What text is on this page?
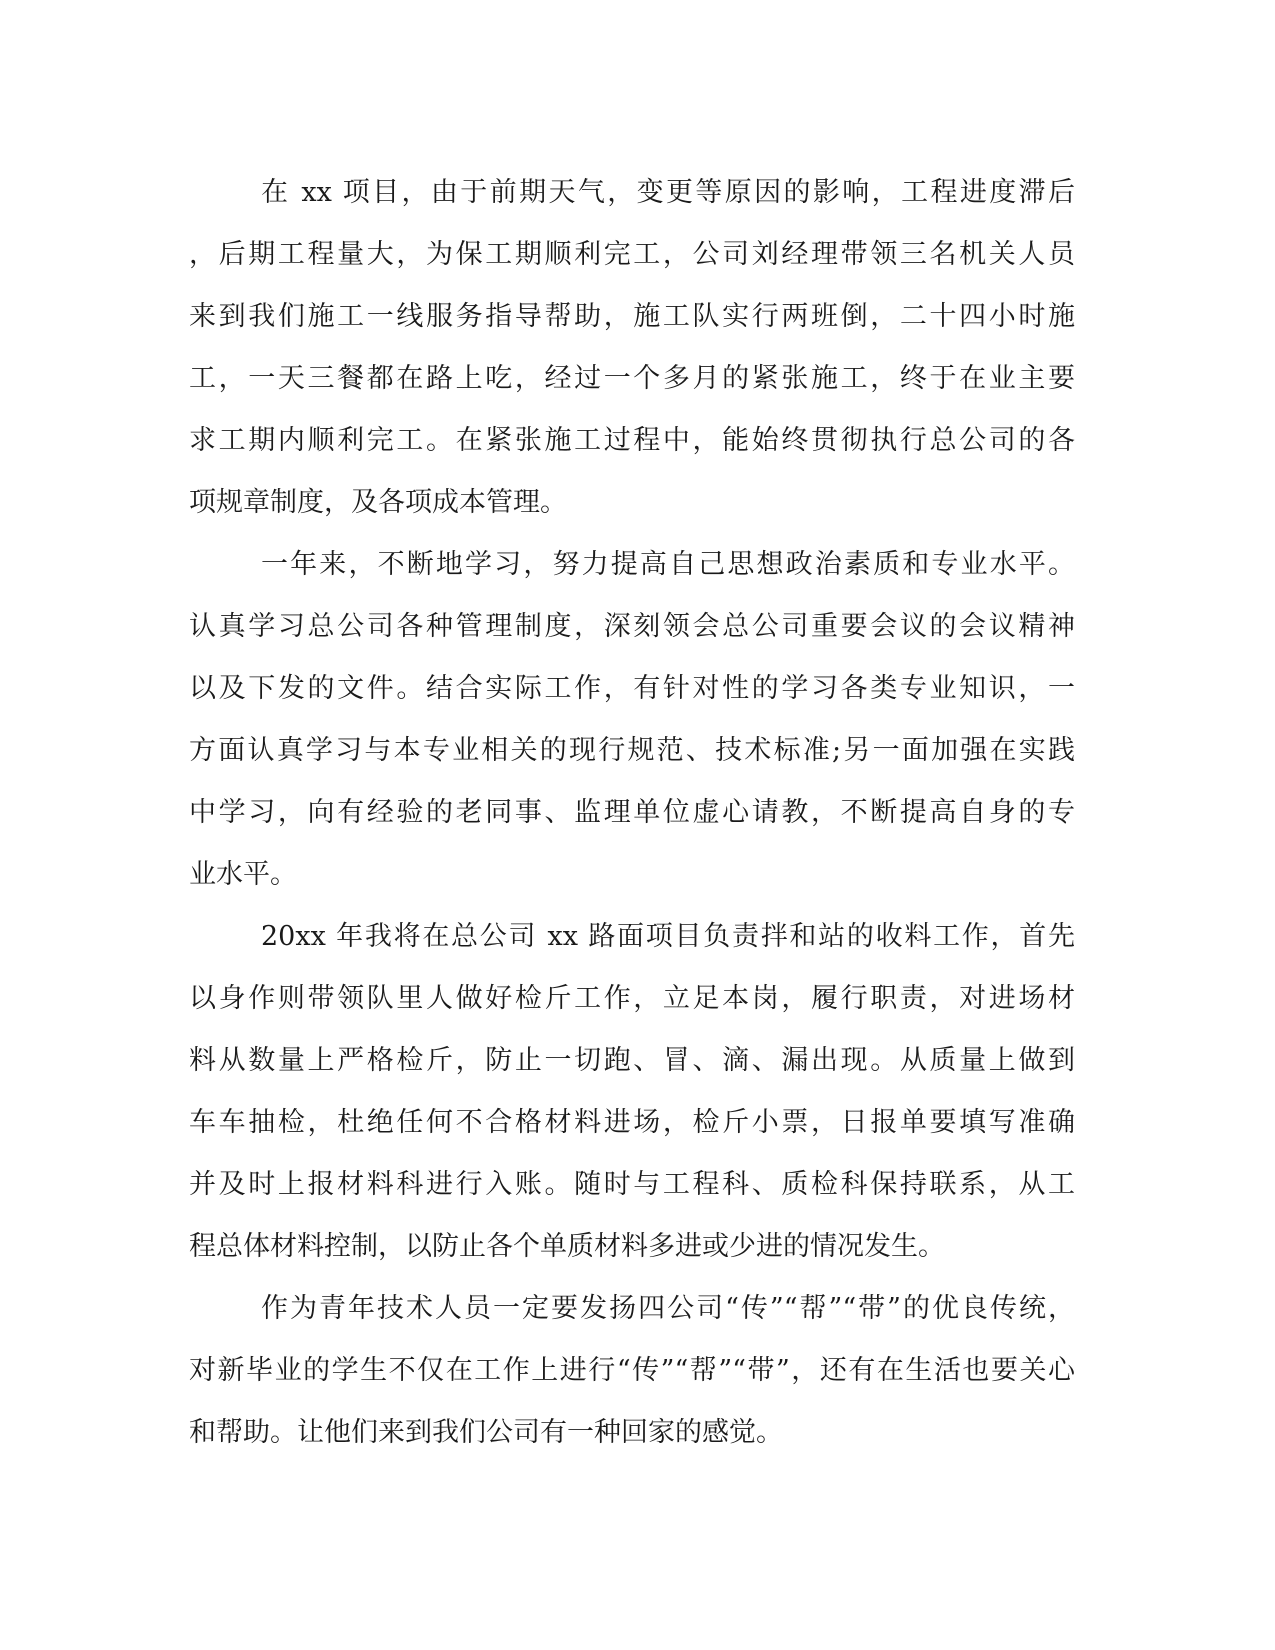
在 xx 项目，由于前期天气，变更等原因的影响，工程进度滞后
，后期工程量大，为保工期顺利完工，公司刘经理带领三名机关人员
来到我们施工一线服务指导帮助，施工队实行两班倒，二十四小时施
工，一天三餐都在路上吃，经过一个多月的紧张施工，终于在业主要
求工期内顺利完工。在紧张施工过程中，能始终贯彻执行总公司的各
项规章制度，及各项成本管理。
一年来，不断地学习，努力提高自己思想政治素质和专业水平。
认真学习总公司各种管理制度，深刻领会总公司重要会议的会议精神
以及下发的文件。结合实际工作，有针对性的学习各类专业知识，一
方面认真学习与本专业相关的现行规范、技术标准;另一面加强在实践
中学习，向有经验的老同事、监理单位虚心请教，不断提高自身的专
业水平。
20xx 年我将在总公司 xx 路面项目负责拌和站的收料工作，首先
以身作则带领队里人做好检斤工作，立足本岗，履行职责，对进场材
料从数量上严格检斤，防止一切跑、冒、滴、漏出现。从质量上做到
车车抽检，杜绝任何不合格材料进场，检斤小票，日报单要填写准确
并及时上报材料科进行入账。随时与工程科、质检科保持联系，从工
程总体材料控制，以防止各个单质材料多进或少进的情况发生。
作为青年技术人员一定要发扬四公司“传”“帮”“带”的优良传统，
对新毕业的学生不仅在工作上进行“传”“帮”“带”，还有在生活也要关心
和帮助。让他们来到我们公司有一种回家的感觉。
